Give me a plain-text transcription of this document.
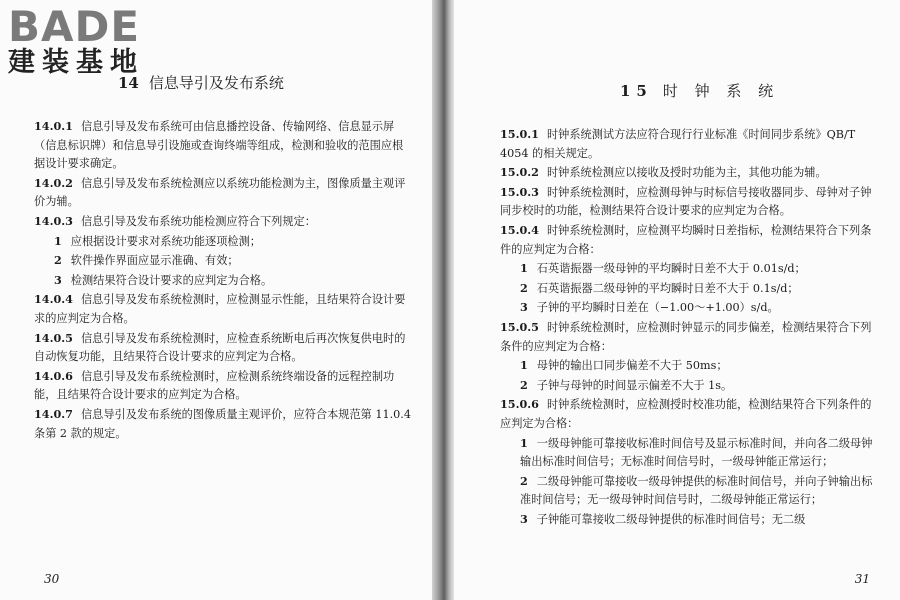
BADE
建装基地
14 信息导引及发布系统

14.0.1 信息引导及发布系统可由信息播控设备、传输网络、信息显示屏（信息标识牌）和信息导引设施或查询终端等组成，检测和验收的范围应根据设计要求确定。

14.0.2 信息引导及发布系统检测应以系统功能检测为主，图像质量主观评价为辅。

14.0.3 信息引导及发布系统功能检测应符合下列规定：

1 应根据设计要求对系统功能逐项检测；

2 软件操作界面应显示准确、有效；

3 检测结果符合设计要求的应判定为合格。

14.0.4 信息引导及发布系统检测时，应检测显示性能，且结果符合设计要求的应判定为合格。

14.0.5 信息引导及发布系统检测时，应检查系统断电后再次恢复供电时的自动恢复功能，且结果符合设计要求的应判定为合格。

14.0.6 信息引导及发布系统检测时，应检测系统终端设备的远程控制功能，且结果符合设计要求的应判定为合格。

14.0.7 信息导引及发布系统的图像质量主观评价，应符合本规范第 11.0.4 条第 2 款的规定。

30
15 时 钟 系 统

15.0.1 时钟系统测试方法应符合现行行业标准《时间同步系统》QB/T 4054 的相关规定。

15.0.2 时钟系统检测应以接收及授时功能为主，其他功能为辅。

15.0.3 时钟系统检测时，应检测母钟与时标信号接收器同步、母钟对子钟同步校时的功能，检测结果符合设计要求的应判定为合格。

15.0.4 时钟系统检测时，应检测平均瞬时日差指标，检测结果符合下列条件的应判定为合格：

1 石英谐振器一级母钟的平均瞬时日差不大于 0.01s/d；

2 石英谐振器二级母钟的平均瞬时日差不大于 0.1s/d；

3 子钟的平均瞬时日差在（−1.00～+1.00）s/d。

15.0.5 时钟系统检测时，应检测时钟显示的同步偏差，检测结果符合下列条件的应判定为合格：

1 母钟的输出口同步偏差不大于 50ms；

2 子钟与母钟的时间显示偏差不大于 1s。

15.0.6 时钟系统检测时，应检测授时校准功能，检测结果符合下列条件的应判定为合格：

1 一级母钟能可靠接收标准时间信号及显示标准时间，并向各二级母钟输出标准时间信号；无标准时间信号时，一级母钟能正常运行；

2 二级母钟能可靠接收一级母钟提供的标准时间信号，并向子钟输出标准时间信号；无一级母钟时间信号时，二级母钟能正常运行；

3 子钟能可靠接收二级母钟提供的标准时间信号；无二级

31
